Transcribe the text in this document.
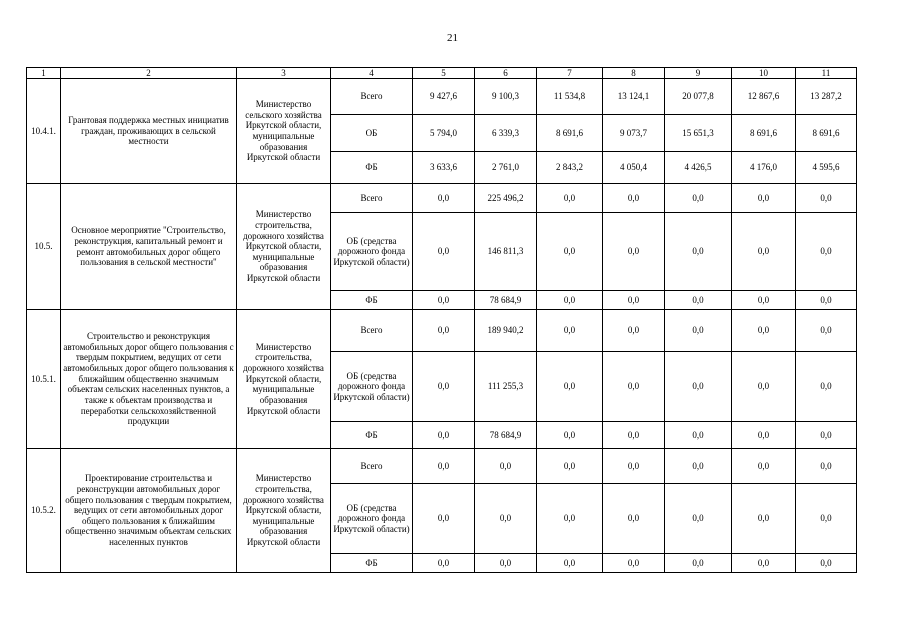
21
1	2	3	4	5	6	7	8	9	10	11
10.4.1.	Грантовая поддержка местных инициатив граждан, проживающих в сельской местности	Министерство сельского хозяйства Иркутской области, муниципальные образования Иркутской области	Всего	9 427,6	9 100,3	11 534,8	13 124,1	20 077,8	12 867,6	13 287,2
			ОБ	5 794,0	6 339,3	8 691,6	9 073,7	15 651,3	8 691,6	8 691,6
			ФБ	3 633,6	2 761,0	2 843,2	4 050,4	4 426,5	4 176,0	4 595,6
10.5.	Основное мероприятие "Строительство, реконструкция, капитальный ремонт и ремонт автомобильных дорог общего пользования в сельской местности"	Министерство строительства, дорожного хозяйства Иркутской области, муниципальные образования Иркутской области	Всего	0,0	225 496,2	0,0	0,0	0,0	0,0	0,0
			ОБ (средства дорожного фонда Иркутской области)	0,0	146 811,3	0,0	0,0	0,0	0,0	0,0
			ФБ	0,0	78 684,9	0,0	0,0	0,0	0,0	0,0
10.5.1.	Строительство и реконструкция автомобильных дорог общего пользования с твердым покрытием, ведущих от сети автомобильных дорог общего пользования к ближайшим общественно значимым объектам сельских населенных пунктов, а также к объектам производства и переработки сельскохозяйственной продукции	Министерство строительства, дорожного хозяйства Иркутской области, муниципальные образования Иркутской области	Всего	0,0	189 940,2	0,0	0,0	0,0	0,0	0,0
			ОБ (средства дорожного фонда Иркутской области)	0,0	111 255,3	0,0	0,0	0,0	0,0	0,0
			ФБ	0,0	78 684,9	0,0	0,0	0,0	0,0	0,0
10.5.2.	Проектирование строительства и реконструкции автомобильных дорог общего пользования с твердым покрытием, ведущих от сети автомобильных дорог общего пользования к ближайшим общественно значимым объектам сельских населенных пунктов	Министерство строительства, дорожного хозяйства Иркутской области, муниципальные образования Иркутской области	Всего	0,0	0,0	0,0	0,0	0,0	0,0	0,0
			ОБ (средства дорожного фонда Иркутской области)	0,0	0,0	0,0	0,0	0,0	0,0	0,0
			ФБ	0,0	0,0	0,0	0,0	0,0	0,0	0,0
